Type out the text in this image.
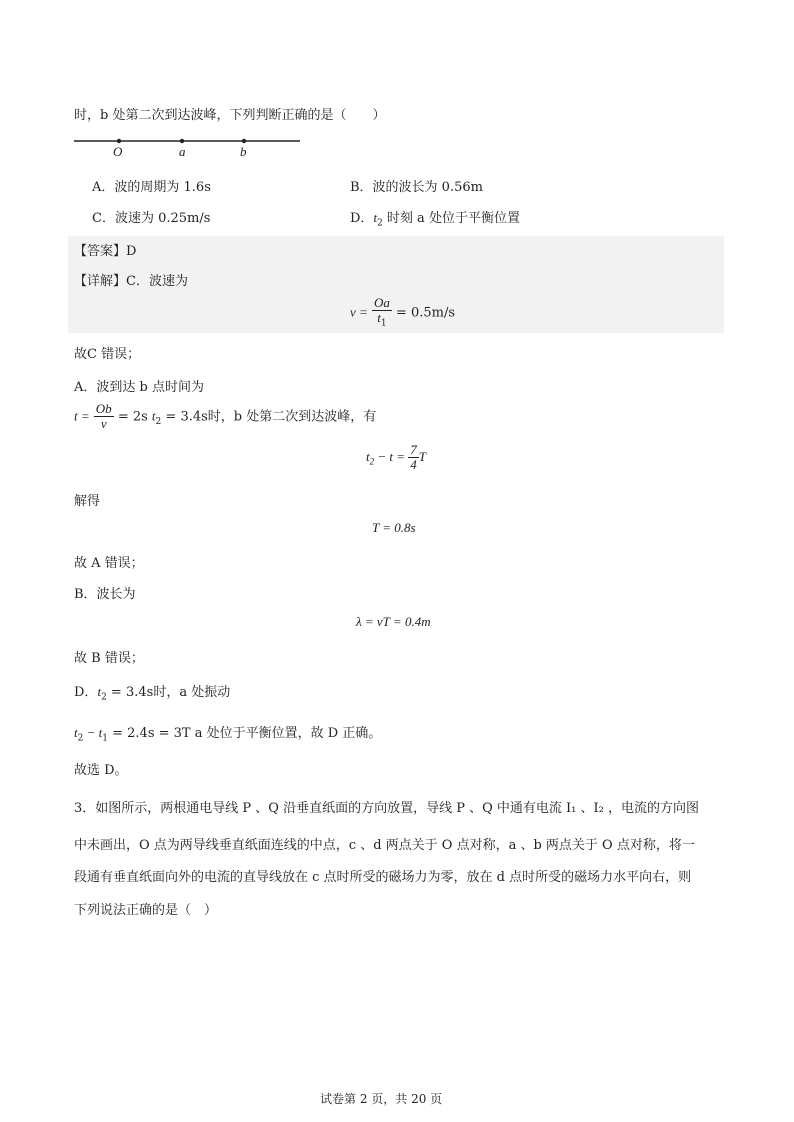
时，b 处第二次到达波峰，下列判断正确的是（　　）
O	a	b
A．波的周期为 1.6s	B．波的波长为 0.56m
C．波速为 0.25m/s	D．$t_2$ 时刻 a 处位于平衡位置
【答案】D
【详解】C．波速为
$v = \frac{Oa}{t_1} = 0.5m/s$
故C 错误；
A．波到达 b 点时间为
$t = \frac{Ob}{v} = 2s$ $t_2 = 3.4s$时，b 处第二次到达波峰，有
$t_2 - t = \frac{7}{4}$ T
解得
T = 0.8s
故 A 错误；
B．波长为
λ = vT = 0.4m
故 B 错误；
D．$t_2 = 3.4s$时，a 处振动
$t_2 - t_1 = 2.4s = 3T$ a 处位于平衡位置，故 D 正确。
故选 D。
3．如图所示，两根通电导线 P 、Q 沿垂直纸面的方向放置，导线 P 、Q 中通有电流 I₁ 、I₂ ，电流的方向图
中未画出，O 点为两导线垂直纸面连线的中点，c 、d 两点关于 O 点对称，a 、b 两点关于 O 点对称，将一
段通有垂直纸面向外的电流的直导线放在 c 点时所受的磁场力为零，放在 d 点时所受的磁场力水平向右，则
下列说法正确的是（　）
试卷第 2 页，共 20 页
